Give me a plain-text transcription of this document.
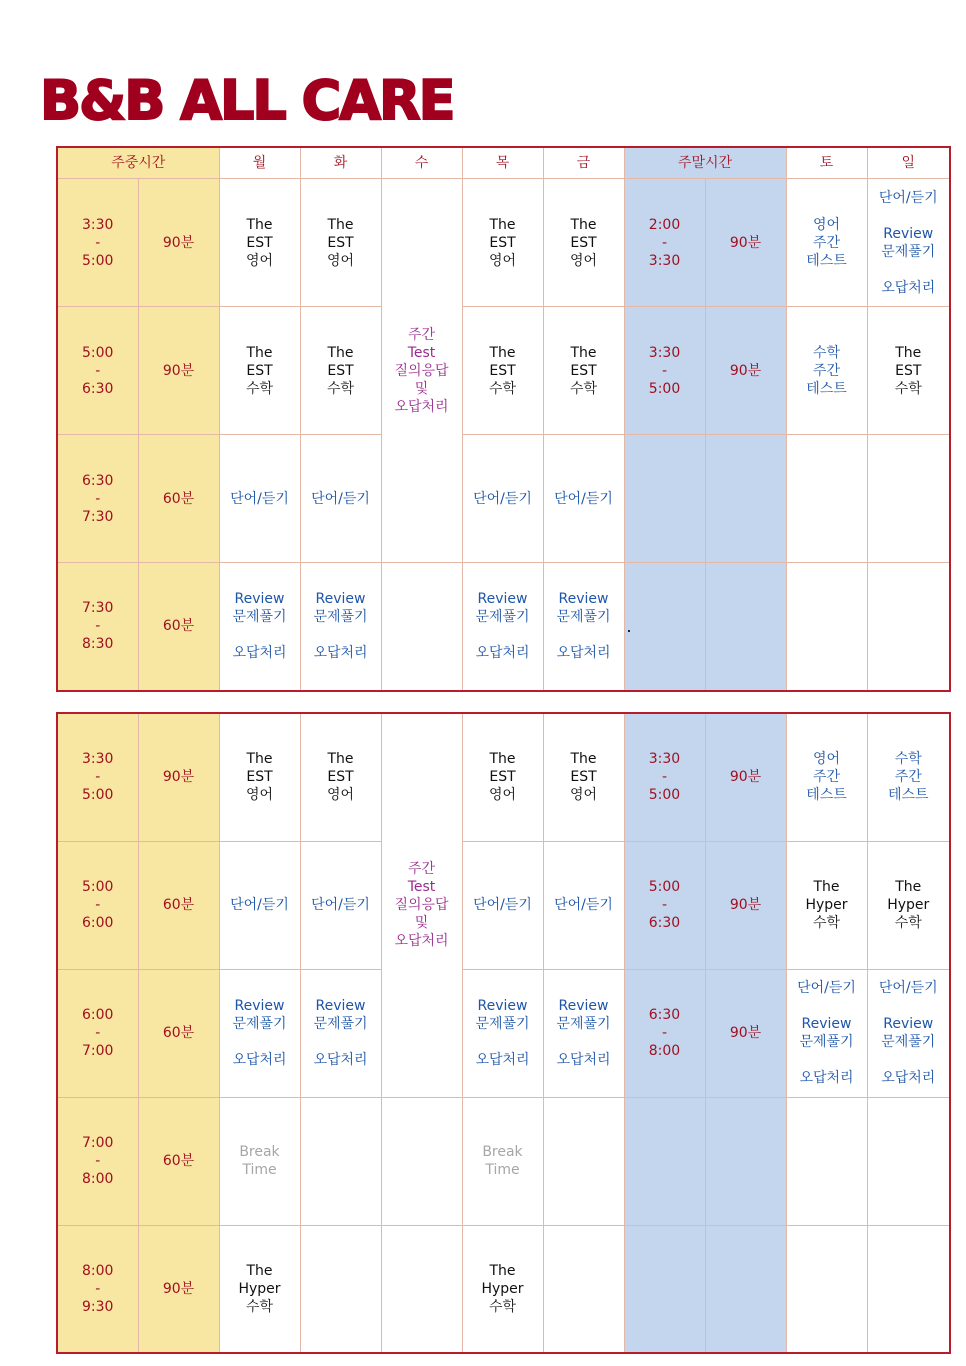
B&B ALL CARE
주중시간		월	화	수	목	금	주말시간		토	일

3:30
-
5:00	90분	The
EST
영어	The
EST
영어	주간
Test
질의응답
및
오답처리	The
EST
영어	The
EST
영어	2:00
-
3:30	90분	영어
주간
테스트	단어/듣기

Review
문제풀기

오답처리

5:00
-
6:30	90분	The
EST
수학	The
EST
수학		The
EST
수학	The
EST
수학	3:30
-
5:00	90분	수학
주간
테스트	The
EST
수학

6:30
-
7:30	60분	단어/듣기	단어/듣기		단어/듣기	단어/듣기				

7:30
-
8:30	60분	Review
문제풀기

오답처리	Review
문제풀기

오답처리		Review
문제풀기

오답처리	Review
문제풀기

오답처리				

3:30
-
5:00	90분	The
EST
영어	The
EST
영어	주간
Test
질의응답
및
오답처리	The
EST
영어	The
EST
영어	3:30
-
5:00	90분	영어
주간
테스트	수학
주간
테스트

5:00
-
6:00	60분	단어/듣기	단어/듣기		단어/듣기	단어/듣기	5:00
-
6:30	90분	The
Hyper
수학	The
Hyper
수학

6:00
-
7:00	60분	Review
문제풀기

오답처리	Review
문제풀기

오답처리		Review
문제풀기

오답처리	Review
문제풀기

오답처리	6:30
-
8:00	90분	단어/듣기

Review
문제풀기

오답처리	단어/듣기

Review
문제풀기

오답처리

7:00
-
8:00	60분	Break
Time			Break
Time					

8:00
-
9:30	90분	The
Hyper
수학			The
Hyper
수학					
